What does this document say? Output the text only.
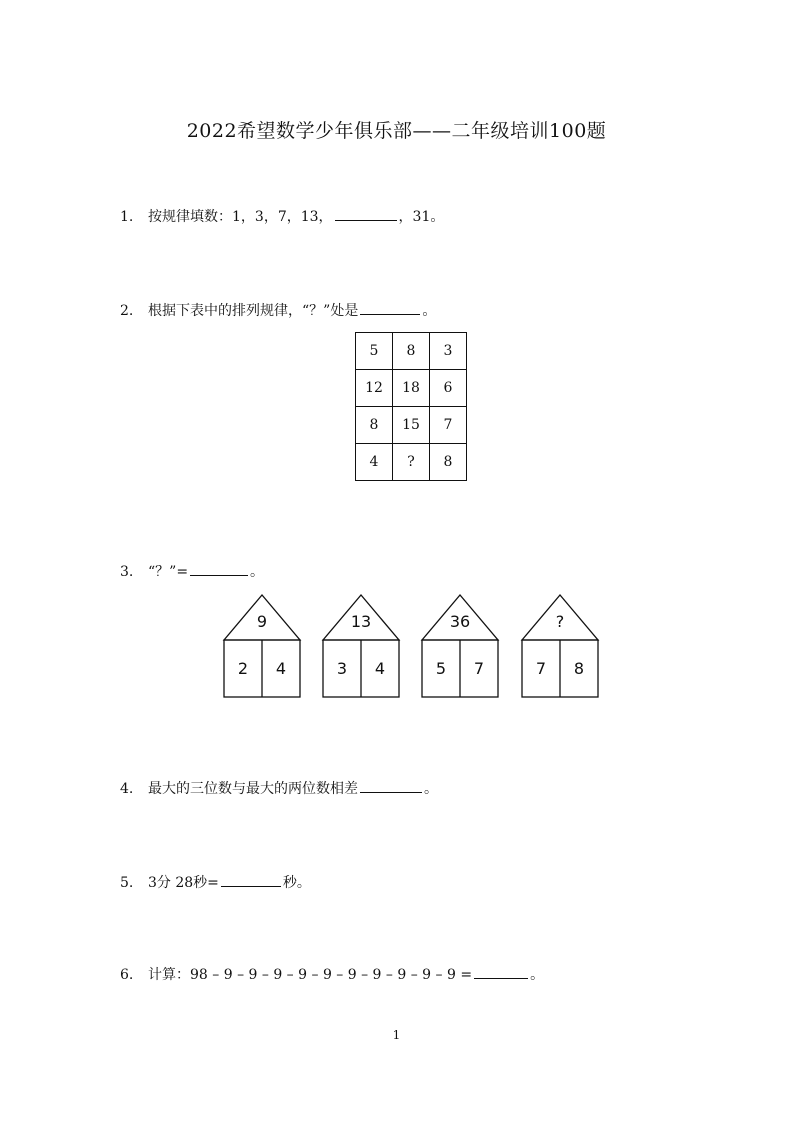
2022希望数学少年俱乐部——二年级培训100题
1. 按规律填数：1，3，7，13，	，31。
2. 根据下表中的排列规律，“？”处是	。
5	8	3
12	18	6
8	15	7
4	?	8
3. “？”=	。
9
2 4
13
3 4
36
5 7
?
7 8
4. 最大的三位数与最大的两位数相差	。
5. 3分 28秒=	秒。
6. 计算：98 – 9 – 9 – 9 – 9 – 9 – 9 – 9 – 9 – 9 – 9 =	。
1
